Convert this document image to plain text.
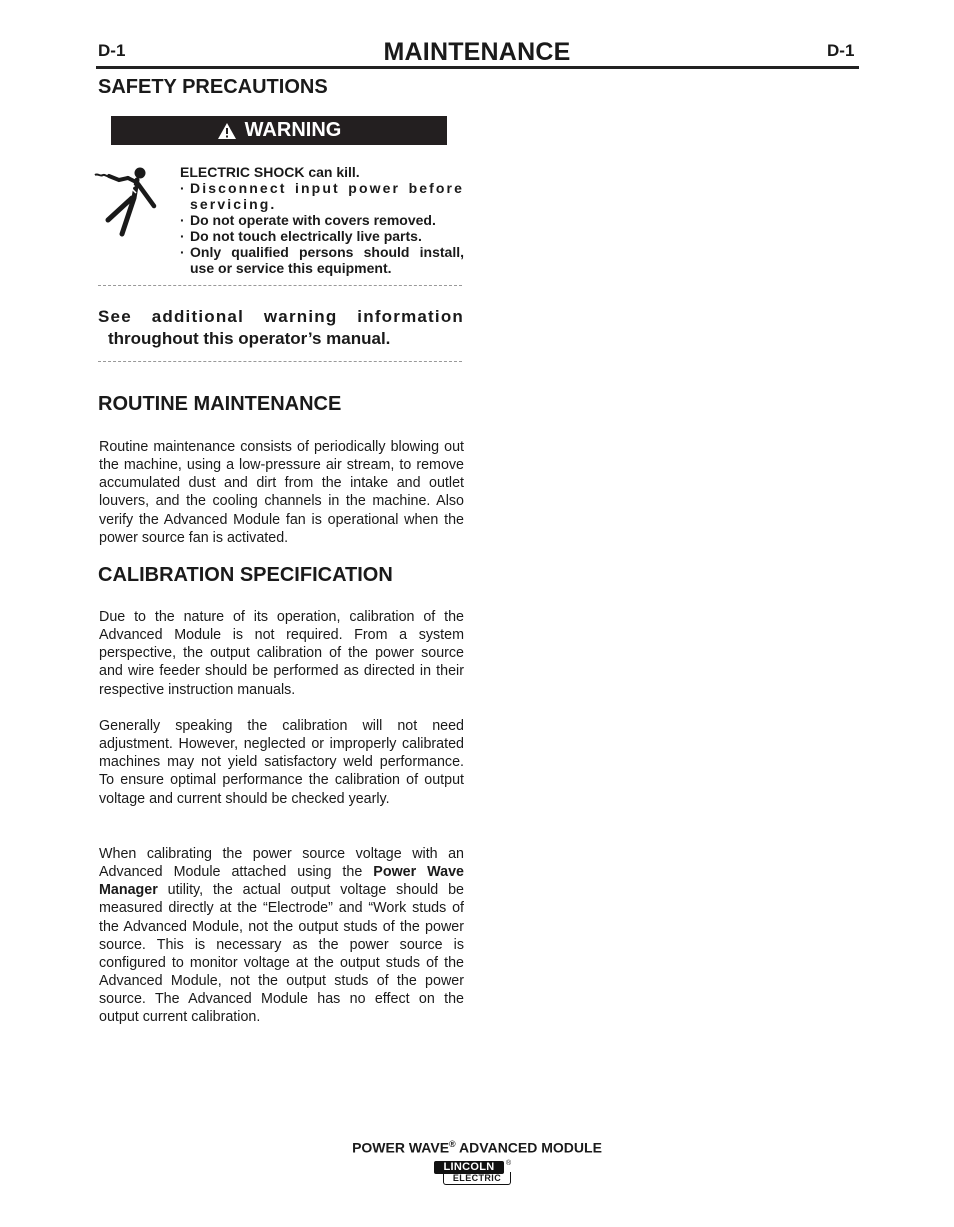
D-1	MAINTENANCE	D-1
SAFETY PRECAUTIONS
WARNING
ELECTRIC SHOCK can kill.
· Disconnect input power before servicing.
· Do not operate with covers removed.
· Do not touch electrically live parts.
· Only qualified persons should install, use or service this equipment.
See additional warning information
throughout this operator’s manual.
ROUTINE MAINTENANCE

Routine maintenance consists of periodically blowing out the machine, using a low-pressure air stream, to remove accumulated dust and dirt from the intake and outlet louvers, and the cooling channels in the machine. Also verify the Advanced Module fan is operational when the power source fan is activated.

CALIBRATION SPECIFICATION

Due to the nature of its operation, calibration of the Advanced Module is not required. From a system perspective, the output calibration of the power source and wire feeder should be performed as directed in their respective instruction manuals.

Generally speaking the calibration will not need adjustment. However, neglected or improperly calibrated machines may not yield satisfactory weld performance. To ensure optimal performance the calibration of output voltage and current should be checked yearly.

When calibrating the power source voltage with an Advanced Module attached using the Power Wave Manager utility, the actual output voltage should be measured directly at the “Electrode” and “Work studs of the Advanced Module, not the output studs of the power source. This is necessary as the power source is configured to monitor voltage at the output studs of the Advanced Module, not the output studs of the power source. The Advanced Module has no effect on the output current calibration.

POWER WAVE® ADVANCED MODULE
LINCOLN
ELECTRIC
®
